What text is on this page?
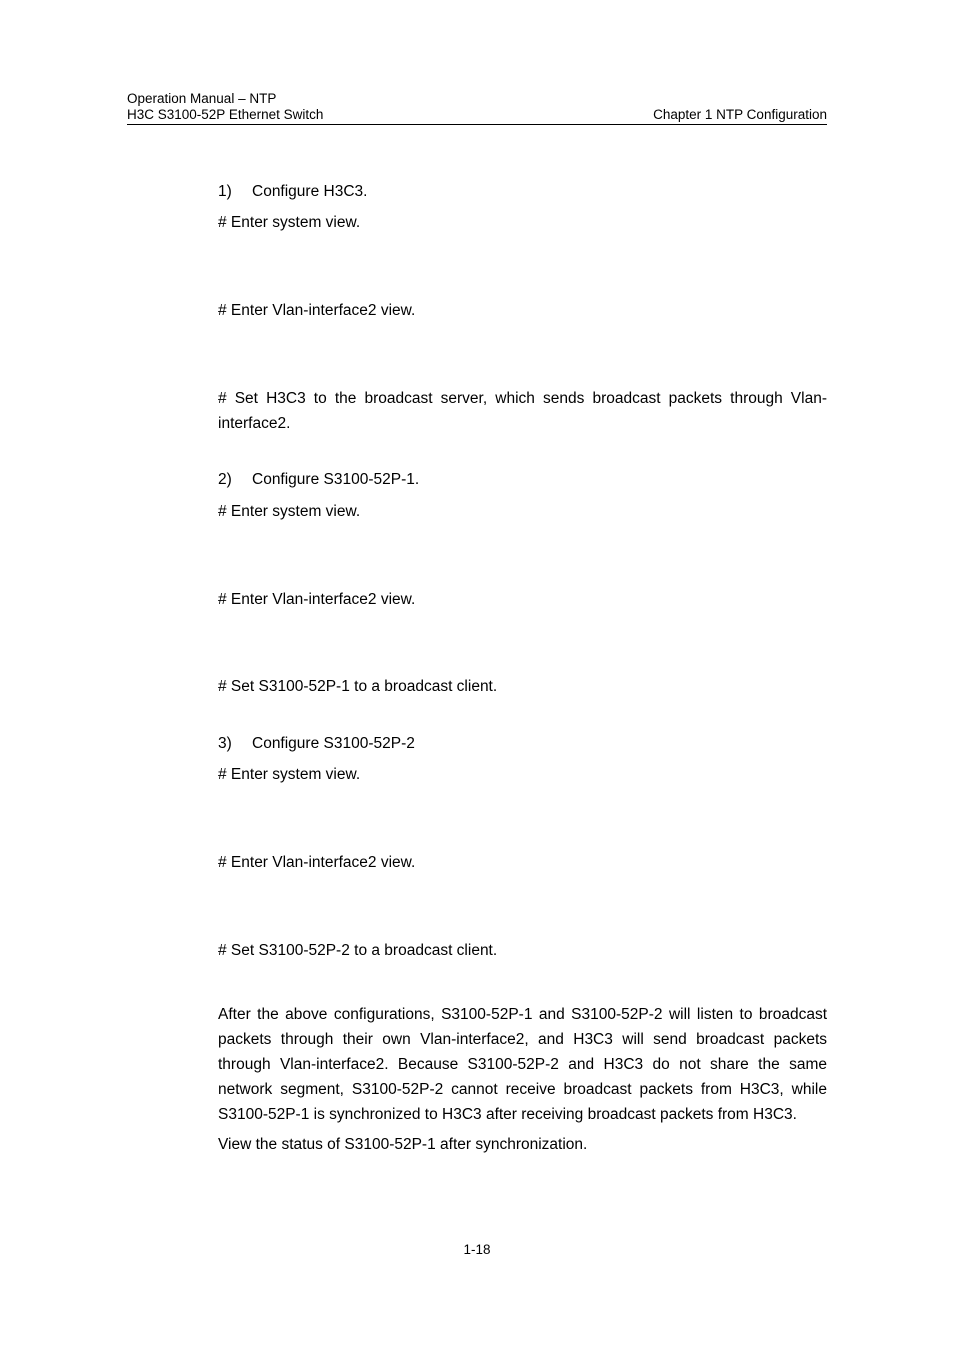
Operation Manual – NTP
H3C S3100-52P Ethernet Switch	Chapter 1 NTP Configuration
1) Configure H3C3.
# Enter system view.
# Enter Vlan-interface2 view.
# Set H3C3 to the broadcast server, which sends broadcast packets through Vlan-interface2.
2) Configure S3100-52P-1.
# Enter system view.
# Enter Vlan-interface2 view.
# Set S3100-52P-1 to a broadcast client.
3) Configure S3100-52P-2
# Enter system view.
# Enter Vlan-interface2 view.
# Set S3100-52P-2 to a broadcast client.
After the above configurations, S3100-52P-1 and S3100-52P-2 will listen to broadcast packets through their own Vlan-interface2, and H3C3 will send broadcast packets through Vlan-interface2. Because S3100-52P-2 and H3C3 do not share the same network segment, S3100-52P-2 cannot receive broadcast packets from H3C3, while S3100-52P-1 is synchronized to H3C3 after receiving broadcast packets from H3C3.
View the status of S3100-52P-1 after synchronization.
1-18
